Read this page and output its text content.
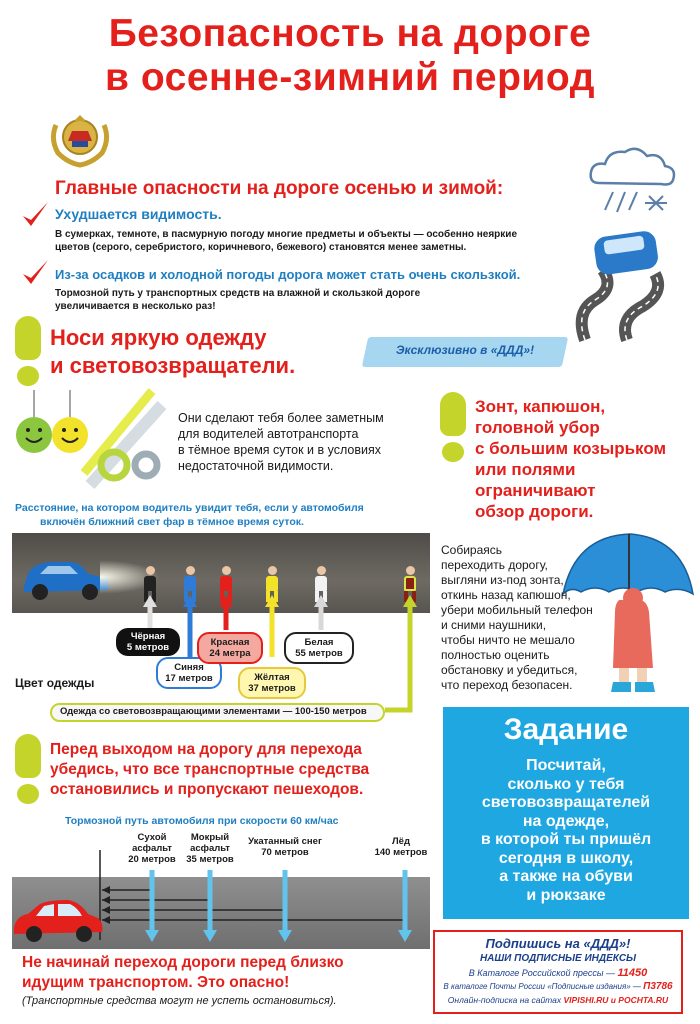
Безопасность на дороге
в осенне-зимний период
Главные опасности на дороге осенью и зимой:
Ухудшается видимость.
В сумерках, темноте, в пасмурную погоду многие предметы и объекты — особенно неяркие
цветов (серого, серебристого, коричневого, бежевого) становятся менее заметны.
Из-за осадков и холодной погоды дорога может стать очень скользкой.
Тормозной путь у транспортных средств на влажной и скользкой дороге
увеличивается в несколько раз!
Носи яркую одежду
и световозвращатели.
Эксклюзивно в «ДДД»!
Они сделают тебя более заметным
для водителей автотранспорта
в тёмное время суток и в условиях
недостаточной видимости.
Зонт, капюшон,
головной убор
с большим козырьком
или полями
ограничивают
обзор дороги.
Расстояние, на котором водитель увидит тебя, если у автомобиля
включён ближний свет фар в тёмное время суток.
Чёрная
5 метров
Синяя
17 метров
Красная
24 метра
Жёлтая
37 метров
Белая
55 метров
Цвет одежды
Одежда со световозвращающими элементами — 100-150 метров
Собираясь
переходить дорогу,
выгляни из-под зонта,
откинь назад капюшон,
убери мобильный телефон
и сними наушники,
чтобы ничто не мешало
полностью оценить
обстановку и убедиться,
что переход безопасен.
Перед выходом на дорогу для перехода
убедись, что все транспортные средства
остановились и пропускают пешеходов.
Тормозной путь автомобиля при скорости 60 км/час
Сухой
асфальт
20 метров
Мокрый
асфальт
35 метров
Укатанный снег
70 метров
Лёд
140 метров
Не начинай переход дороги перед близко
идущим транспортом. Это опасно!
(Транспортные средства могут не успеть остановиться).
Задание
Посчитай,
сколько у тебя
световозвращателей
на одежде,
в которой ты пришёл
сегодня в школу,
а также на обуви
и рюкзаке
Подпишись на «ДДД»!
НАШИ ПОДПИСНЫЕ ИНДЕКСЫ
В Каталоге Российской прессы — 11450
В каталоге Почты России «Подписные издания» — П3786
Онлайн-подписка на сайтах VIPISHI.RU и POCHTA.RU
